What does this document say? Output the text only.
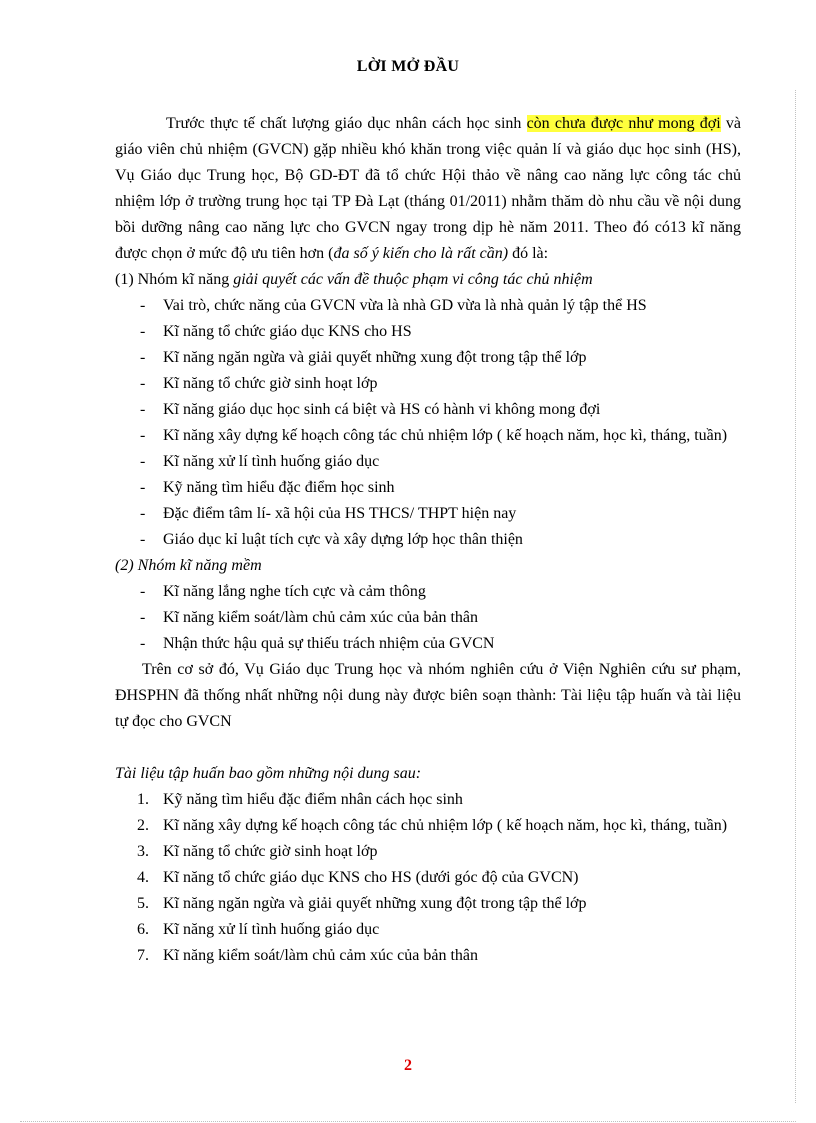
LỜI MỞ ĐẦU

Trước thực tế chất lượng giáo dục nhân cách học sinh còn chưa được như mong đợi và giáo viên chủ nhiệm (GVCN) gặp nhiều khó khăn trong việc quản lí và giáo dục học sinh (HS), Vụ Giáo dục Trung học, Bộ GD-ĐT đã tổ chức Hội thảo về nâng cao năng lực công tác chủ nhiệm lớp ở trường trung học tại TP Đà Lạt (tháng 01/2011) nhằm thăm dò nhu cầu về nội dung bồi dưỡng nâng cao năng lực cho GVCN ngay trong dịp hè năm 2011. Theo đó có13 kĩ năng được chọn ở mức độ ưu tiên hơn (đa số ý kiến cho là rất cần) đó là:

(1) Nhóm kĩ năng giải quyết các vấn đề thuộc phạm vi công tác chủ nhiệm

- Vai trò, chức năng của GVCN vừa là nhà GD vừa là nhà quản lý tập thể HS
- Kĩ năng tổ chức giáo dục KNS cho HS
- Kĩ năng ngăn ngừa và giải quyết những xung đột trong tập thể lớp
- Kĩ năng tổ chức giờ sinh hoạt lớp
- Kĩ năng giáo dục học sinh cá biệt và HS có hành vi không mong đợi
- Kĩ năng xây dựng kế hoạch công tác chủ nhiệm lớp ( kế hoạch năm, học kì, tháng, tuần)
- Kĩ năng xử lí tình huống giáo dục
- Kỹ năng tìm hiểu đặc điểm học sinh
- Đặc điểm tâm lí- xã hội của HS THCS/ THPT hiện nay
- Giáo dục kỉ luật tích cực và xây dựng lớp học thân thiện

(2) Nhóm kĩ năng mềm

- Kĩ năng lắng nghe tích cực và cảm thông
- Kĩ năng kiểm soát/làm chủ cảm xúc của bản thân
- Nhận thức hậu quả sự thiếu trách nhiệm của GVCN

Trên cơ sở đó, Vụ Giáo dục Trung học và nhóm nghiên cứu ở Viện Nghiên cứu sư phạm, ĐHSPHN đã thống nhất những nội dung này được biên soạn thành: Tài liệu tập huấn và tài liệu tự đọc cho GVCN

Tài liệu tập huấn bao gồm những nội dung sau:

1. Kỹ năng tìm hiểu đặc điểm nhân cách học sinh
2. Kĩ năng xây dựng kế hoạch công tác chủ nhiệm lớp ( kế hoạch năm, học kì, tháng, tuần)
3. Kĩ năng tổ chức giờ sinh hoạt lớp
4. Kĩ năng tổ chức giáo dục KNS cho HS (dưới góc độ của GVCN)
5. Kĩ năng ngăn ngừa và giải quyết những xung đột trong tập thể lớp
6. Kĩ năng xử lí tình huống giáo dục
7. Kĩ năng kiểm soát/làm chủ cảm xúc của bản thân
2
